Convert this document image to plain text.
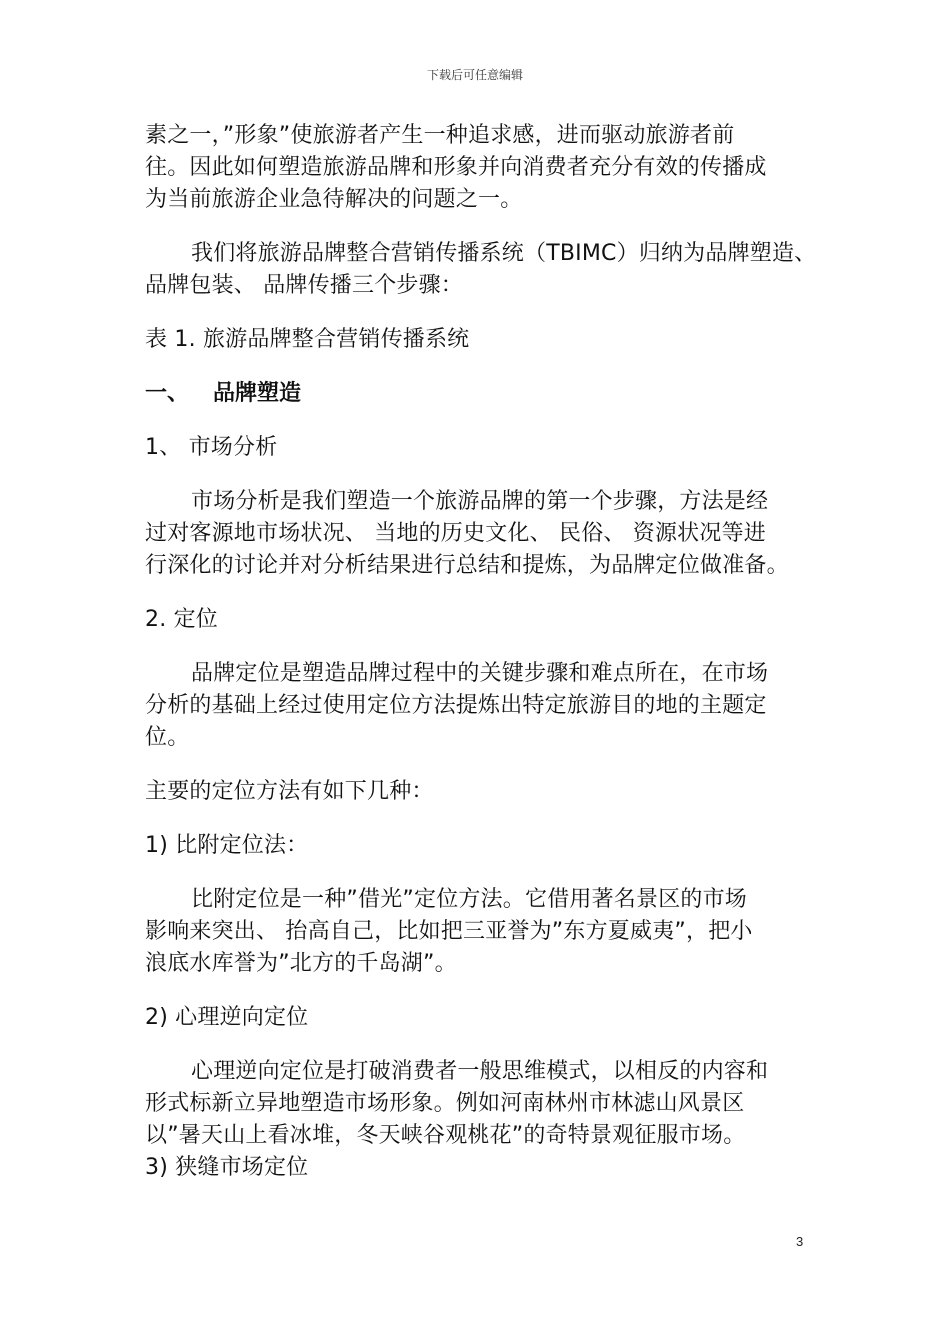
下载后可任意编辑
素之一，”形象”使旅游者产生一种追求感，进而驱动旅游者前
往。因此如何塑造旅游品牌和形象并向消费者充分有效的传播成
为当前旅游企业急待解决的问题之一。
我们将旅游品牌整合营销传播系统（TBIMC）归纳为品牌塑造、
品牌包装、 品牌传播三个步骤：
表 1. 旅游品牌整合营销传播系统
一、 品牌塑造
1、 市场分析
市场分析是我们塑造一个旅游品牌的第一个步骤，方法是经
过对客源地市场状况、 当地的历史文化、 民俗、 资源状况等进
行深化的讨论并对分析结果进行总结和提炼，为品牌定位做准备。
2. 定位
品牌定位是塑造品牌过程中的关键步骤和难点所在，在市场
分析的基础上经过使用定位方法提炼出特定旅游目的地的主题定
位。
主要的定位方法有如下几种：
1) 比附定位法：
比附定位是一种”借光”定位方法。它借用著名景区的市场
影响来突出、 抬高自己，比如把三亚誉为”东方夏威夷”，把小
浪底水库誉为”北方的千岛湖”。
2) 心理逆向定位
心理逆向定位是打破消费者一般思维模式，以相反的内容和
形式标新立异地塑造市场形象。例如河南林州市林滤山风景区
以”暑天山上看冰堆，冬天峡谷观桃花”的奇特景观征服市场。
3) 狭缝市场定位
3
